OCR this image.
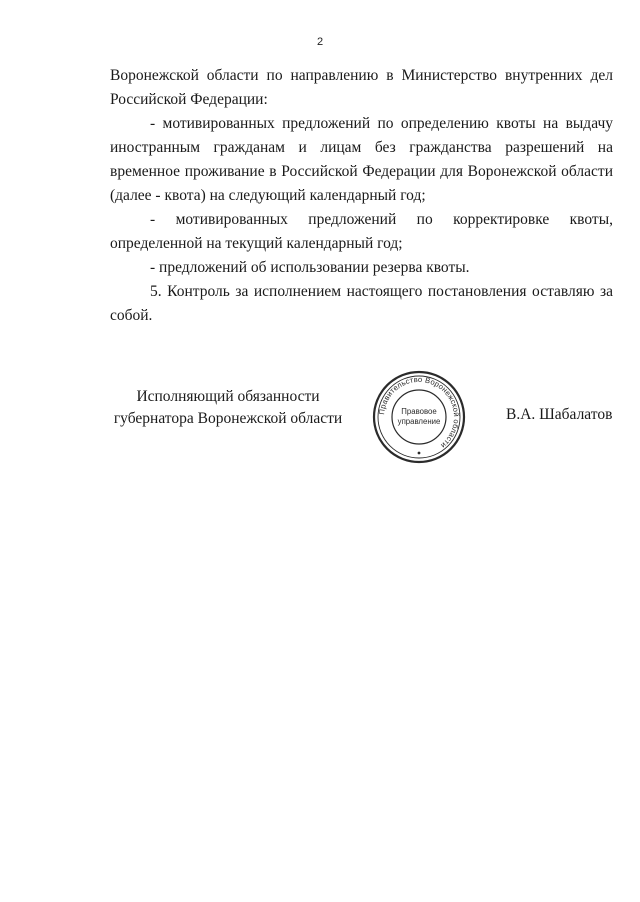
2

Воронежской области по направлению в Министерство внутренних дел Российской Федерации:

- мотивированных предложений по определению квоты на выдачу иностранным гражданам и лицам без гражданства разрешений на временное проживание в Российской Федерации для Воронежской области (далее - квота) на следующий календарный год;

- мотивированных предложений по корректировке квоты, определенной на текущий календарный год;

- предложений об использовании резерва квоты.

5. Контроль за исполнением настоящего постановления оставляю за собой.

Исполняющий обязанности
губернатора Воронежской области	Правительство Воронежской области
Правовое
управление	В.А. Шабалатов
